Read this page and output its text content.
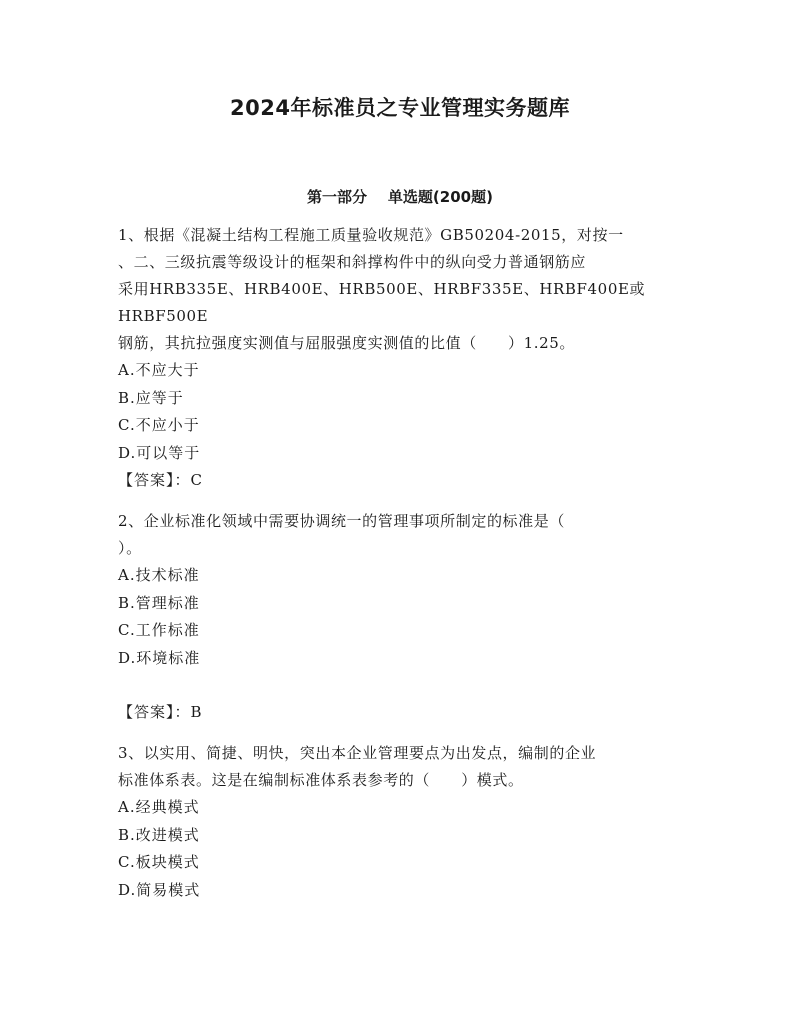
2024年标准员之专业管理实务题库
第一部分    单选题(200题)

1、根据《混凝土结构工程施工质量验收规范》GB50204-2015，对按一

、二、三级抗震等级设计的框架和斜撑构件中的纵向受力普通钢筋应

采用HRB335E、HRB400E、HRB500E、HRBF335E、HRBF400E或HRBF500E

钢筋，其抗拉强度实测值与屈服强度实测值的比值（　　）1.25。

A.不应大于

B.应等于

C.不应小于

D.可以等于

【答案】：C

2、企业标准化领域中需要协调统一的管理事项所制定的标准是（

）。

A.技术标准

B.管理标准

C.工作标准

D.环境标准

【答案】：B

3、以实用、简捷、明快，突出本企业管理要点为出发点，编制的企业

标准体系表。这是在编制标准体系表参考的（　　）模式。

A.经典模式

B.改进模式

C.板块模式

D.简易模式
